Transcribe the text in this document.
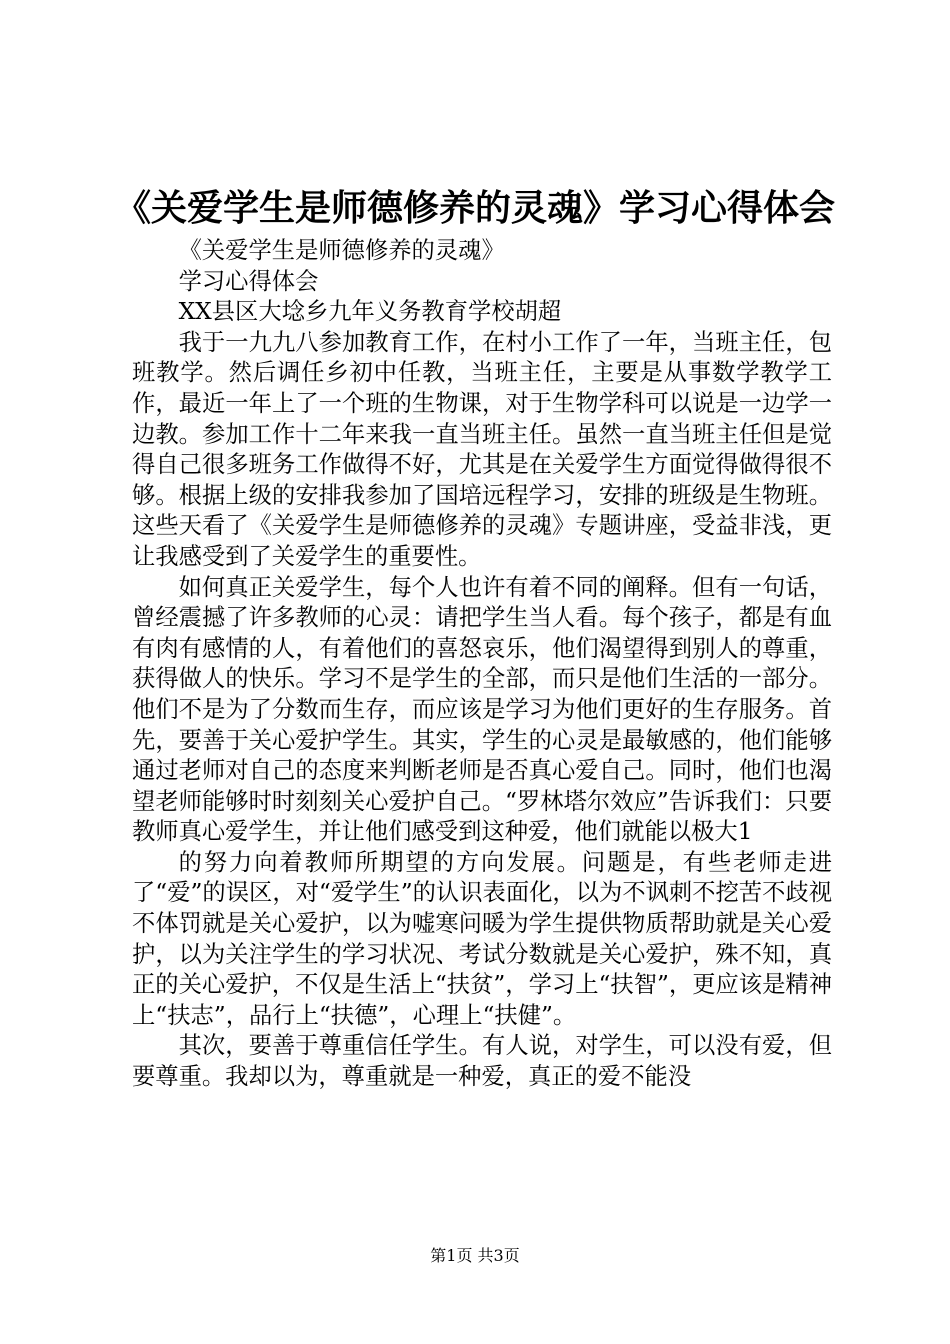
《关爱学生是师德修养的灵魂》学习心得体会

《关爱学生是师德修养的灵魂》

学习心得体会

XX县区大埝乡九年义务教育学校胡超

我于一九九八参加教育工作，在村小工作了一年，当班主任，包班教学。然后调任乡初中任教，当班主任，主要是从事数学教学工作，最近一年上了一个班的生物课，对于生物学科可以说是一边学一边教。参加工作十二年来我一直当班主任。虽然一直当班主任但是觉得自己很多班务工作做得不好，尤其是在关爱学生方面觉得做得很不够。根据上级的安排我参加了国培远程学习，安排的班级是生物班。这些天看了《关爱学生是师德修养的灵魂》专题讲座，受益非浅，更让我感受到了关爱学生的重要性。

如何真正关爱学生，每个人也许有着不同的阐释。但有一句话，曾经震撼了许多教师的心灵：请把学生当人看。每个孩子，都是有血有肉有感情的人，有着他们的喜怒哀乐，他们渴望得到别人的尊重，获得做人的快乐。学习不是学生的全部，而只是他们生活的一部分。他们不是为了分数而生存，而应该是学习为他们更好的生存服务。首先，要善于关心爱护学生。其实，学生的心灵是最敏感的，他们能够通过老师对自己的态度来判断老师是否真心爱自己。同时，他们也渴望老师能够时时刻刻关心爱护自己。“罗林塔尔效应”告诉我们：只要教师真心爱学生，并让他们感受到这种爱，他们就能以极大1

的努力向着教师所期望的方向发展。问题是，有些老师走进了“爱”的误区，对“爱学生”的认识表面化，以为不讽刺不挖苦不歧视不体罚就是关心爱护，以为嘘寒问暖为学生提供物质帮助就是关心爱护，以为关注学生的学习状况、考试分数就是关心爱护，殊不知，真正的关心爱护，不仅是生活上“扶贫”，学习上“扶智”，更应该是精神上“扶志”，品行上“扶德”，心理上“扶健”。

其次，要善于尊重信任学生。有人说，对学生，可以没有爱，但要尊重。我却以为，尊重就是一种爱，真正的爱不能没

第1页 共3页
